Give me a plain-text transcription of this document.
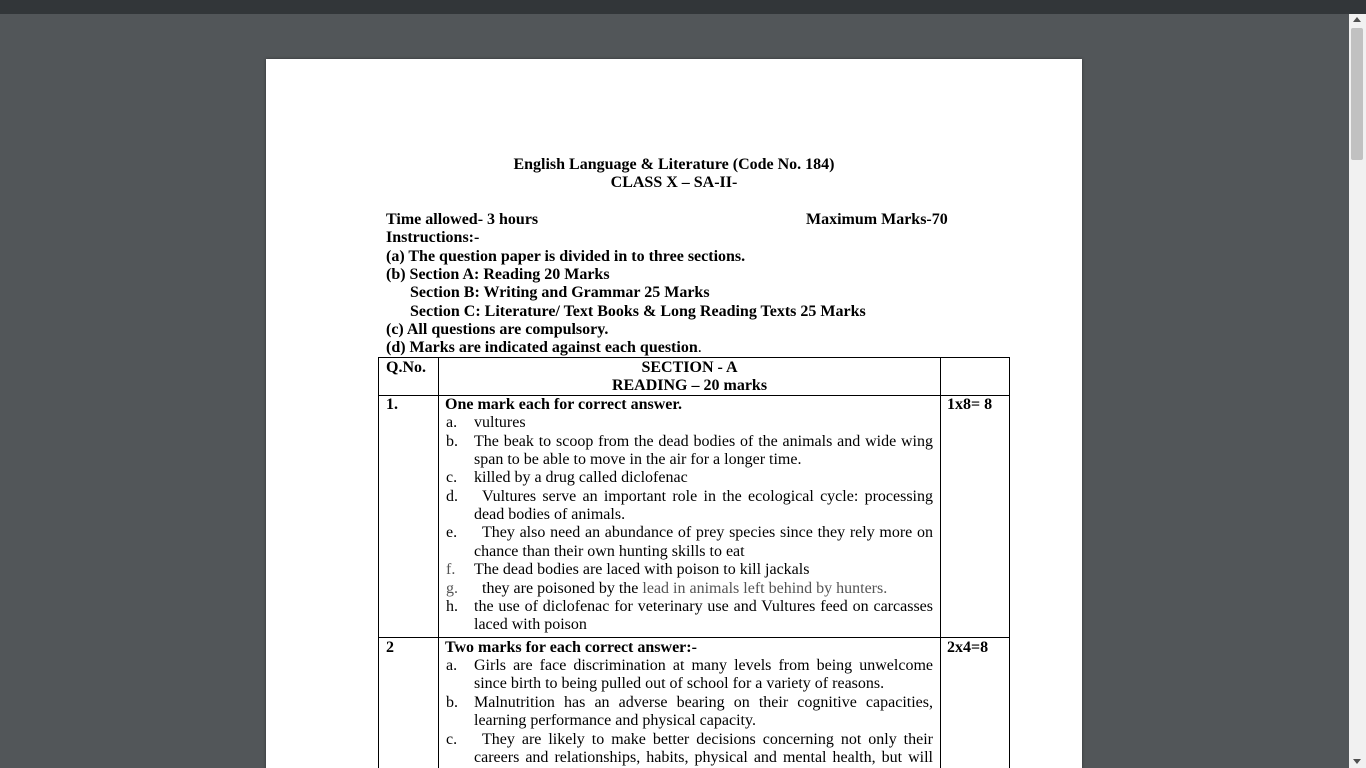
English Language & Literature (Code No. 184)
CLASS X – SA-II-
Time allowed- 3 hours	Maximum Marks-70
Instructions:-
(a) The question paper is divided in to three sections.
(b) Section A: Reading 20 Marks
Section B: Writing and Grammar 25 Marks
Section C: Literature/ Text Books & Long Reading Texts 25 Marks
(c) All questions are compulsory.
(d) Marks are indicated against each question.
Q.No.	SECTION - A
READING – 20 marks
1.	One mark each for correct answer.	1x8= 8
a. vultures
b. The beak to scoop from the dead bodies of the animals and wide wing
span to be able to move in the air for a longer time.
c. killed by a drug called diclofenac
d. Vultures serve an important role in the ecological cycle: processing
dead bodies of animals.
e. They also need an abundance of prey species since they rely more on
chance than their own hunting skills to eat
f. The dead bodies are laced with poison to kill jackals
g. they are poisoned by the lead in animals left behind by hunters.
h. the use of diclofenac for veterinary use and Vultures feed on carcasses
laced with poison
2	Two marks for each correct answer:-	2x4=8
a. Girls are face discrimination at many levels from being unwelcome
since birth to being pulled out of school for a variety of reasons.
b. Malnutrition has an adverse bearing on their cognitive capacities,
learning performance and physical capacity.
c. They are likely to make better decisions concerning not only their
careers and relationships, habits, physical and mental health, but will
